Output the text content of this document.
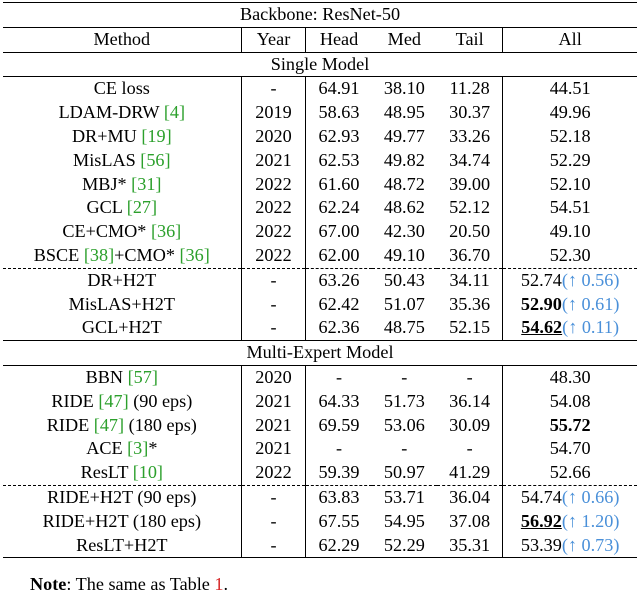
Backbone: ResNet-50					
Method	Year	Head	Med	Tail	All
Single Model					
CE loss	-	64.91	38.10	11.28	44.51
LDAM-DRW [4]	2019	58.63	48.95	30.37	49.96
DR+MU [19]	2020	62.93	49.77	33.26	52.18
MisLAS [56]	2021	62.53	49.82	34.74	52.29
MBJ* [31]	2022	61.60	48.72	39.00	52.10
GCL [27]	2022	62.24	48.62	52.12	54.51
CE+CMO* [36]	2022	67.00	42.30	20.50	49.10
BSCE [38]+CMO* [36]	2022	62.00	49.10	36.70	52.30
DR+H2T	-	63.26	50.43	34.11	52.74(↑ 0.56)
MisLAS+H2T	-	62.42	51.07	35.36	52.90(↑ 0.61)
GCL+H2T	-	62.36	48.75	52.15	54.62(↑ 0.11)
Multi-Expert Model					
BBN [57]	2020	-	-	-	48.30
RIDE [47] (90 eps)	2021	64.33	51.73	36.14	54.08
RIDE [47] (180 eps)	2021	69.59	53.06	30.09	55.72
ACE [3]*	2021	-	-	-	54.70
ResLT [10]	2022	59.39	50.97	41.29	52.66
RIDE+H2T (90 eps)	-	63.83	53.71	36.04	54.74(↑ 0.66)
RIDE+H2T (180 eps)	-	67.55	54.95	37.08	56.92(↑ 1.20)
ResLT+H2T	-	62.29	52.29	35.31	53.39(↑ 0.73)
Note: The same as Table 1.
